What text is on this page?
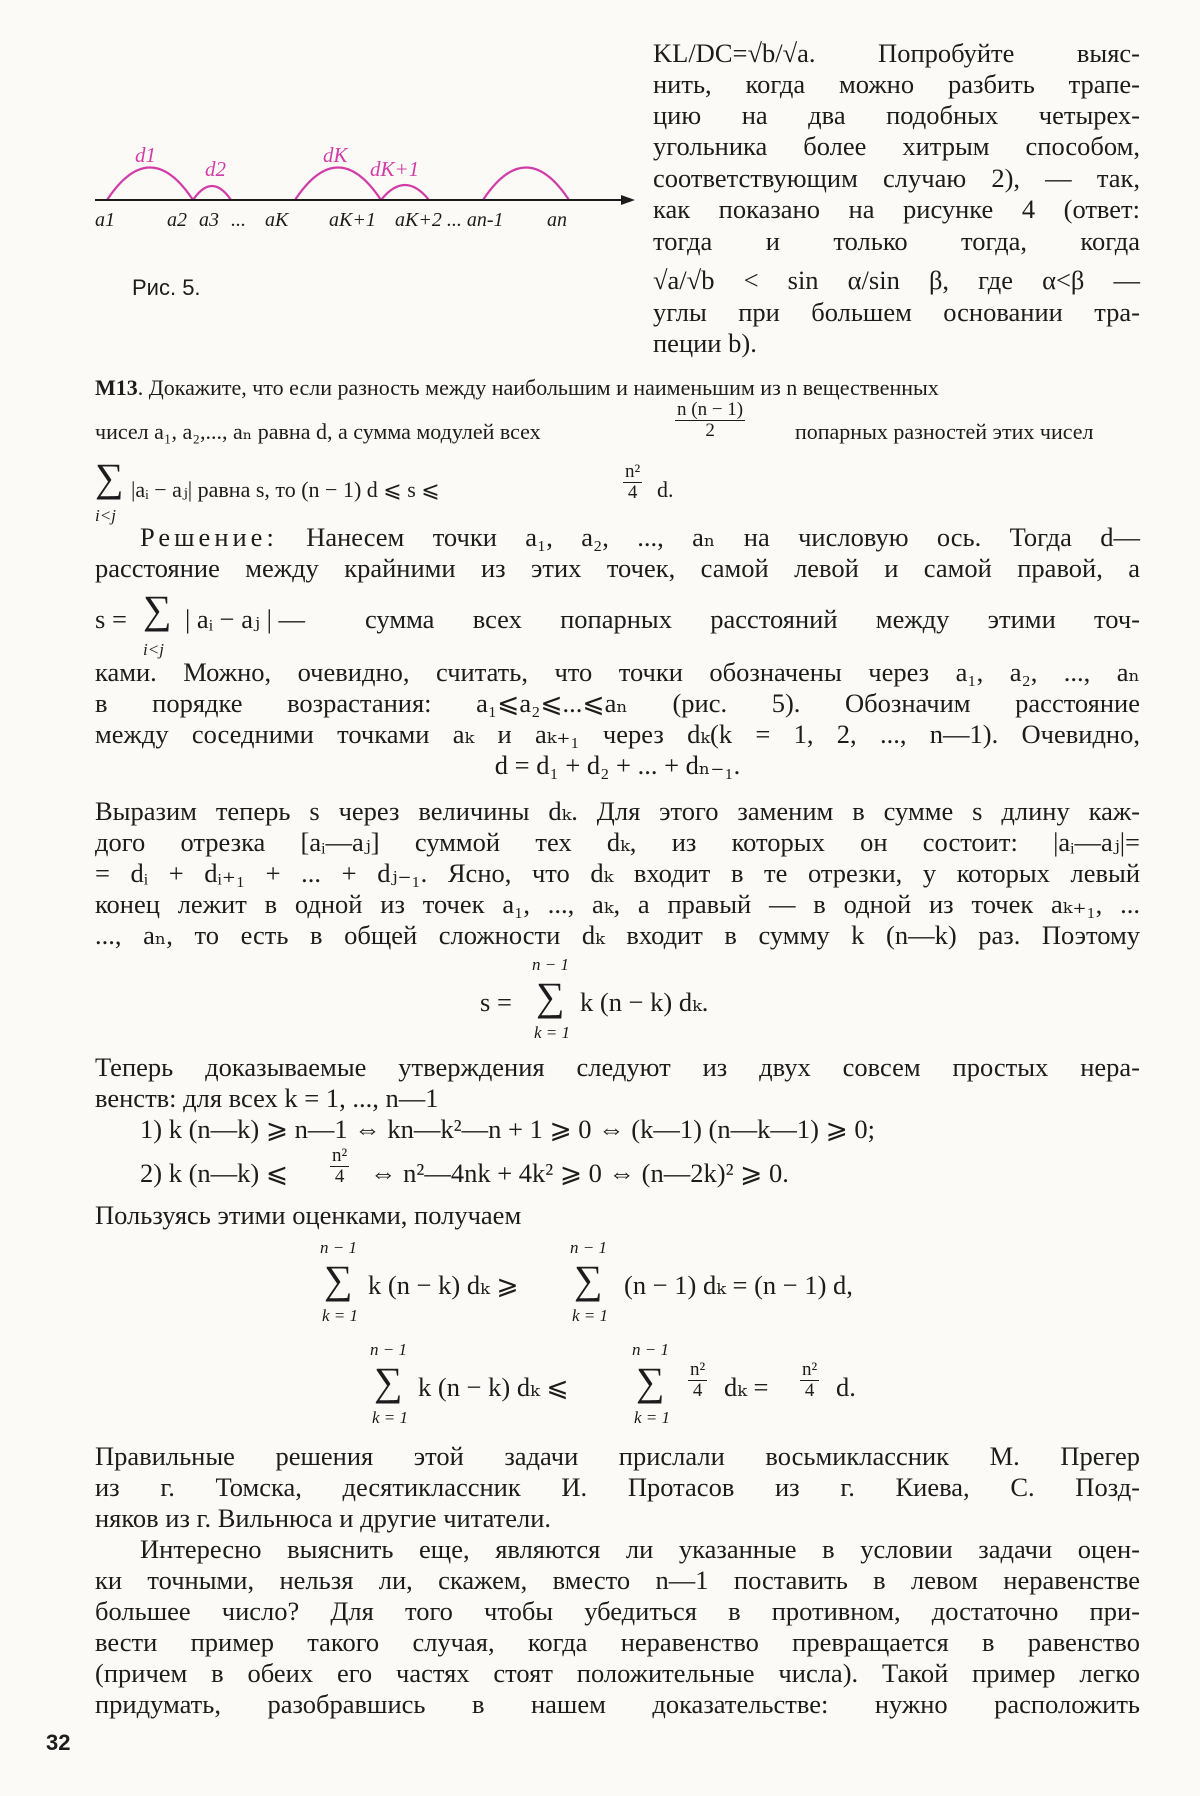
d1
d2
dK
dK+1
a1	a2 a3 ... aK aK+1 aK+2 ... an-1 an
Рис. 5.
KL/DC=√b/√a. Попробуйте выяс-
нить, когда можно разбить трапе-
цию на два подобных четырех-
угольника более хитрым способом,
соответствующим случаю 2), — так,
как показано на рисунке 4 (ответ:
тогда и только тогда, когда
√a/√b < sin α/sin β, где α<β —
углы при большем основании тра-
пеции b).
М13. Докажите, что если разность между наибольшим и наименьшим из n вещественных
чисел a₁, a₂,..., aₙ равна d, а сумма модулей всех	$\frac{n (n - 1)}{2}$ попарных разностей этих чисел
∑
i<j
|aᵢ − aⱼ| равна s, то (n − 1) d ⩽ s ⩽	$\frac{\text{n²}}{4} d$.
Решение: Нанесем точки a₁, a₂, ..., aₙ на числовую ось. Тогда d—
расстояние между крайними из этих точек, самой левой и самой правой, а
s = ∑
i<j
| aᵢ − aⱼ | — сумма всех попарных расстояний между этими точ-
ками. Можно, очевидно, считать, что точки обозначены через a₁, a₂, ..., aₙ
в порядке возрастания: a₁⩽a₂⩽...⩽aₙ (рис. 5). Обозначим расстояние
между соседними точками aₖ и aₖ₊₁ через dₖ(k = 1, 2, ..., n—1). Очевидно,
d = d₁ + d₂ + ... + dₙ₋₁.
Выразим теперь s через величины dₖ. Для этого заменим в сумме s длину каж-
дого отрезка [aᵢ—aⱼ] суммой тех dₖ, из которых он состоит: |aᵢ—aⱼ|=
= dᵢ + dᵢ₊₁ + ... + dⱼ₋₁. Ясно, что dₖ входит в те отрезки, у которых левый
конец лежит в одной из точек a₁, ..., aₖ, а правый — в одной из точек aₖ₊₁, ...
..., aₙ, то есть в общей сложности dₖ входит в сумму k (n—k) раз. Поэтому
n − 1
s = ∑
k = 1
k (n − k) dₖ.
Теперь доказываемые утверждения следуют из двух совсем простых нера-
венств: для всех k = 1, ..., n—1
1) k (n—k) ⩾ n—1 ⇔ kn—k²—n + 1 ⩾ 0 ⇔ (k—1) (n—k—1) ⩾ 0;
2) k (n—k) ⩽ $\frac{\text{n²}}{4}$ ⇔ n²—4nk + 4k² ⩾ 0 ⇔ (n—2k)² ⩾ 0.
Пользуясь этими оценками, получаем
n − 1
∑
k = 1
k (n − k) dₖ ⩾
n − 1
∑
k = 1
(n − 1) dₖ = (n − 1) d,
n − 1
∑
k = 1
k (n − k) dₖ ⩽
n − 1
∑
k = 1
$\frac{\text{n²}}{4}$ $d_k = \frac{\text{n²}}{4} d$.
Правильные решения этой задачи прислали восьмиклассник М. Прегер
из г. Томска, десятиклассник И. Протасов из г. Киева, С. Позд-
няков из г. Вильнюса и другие читатели.
Интересно выяснить еще, являются ли указанные в условии задачи оцен-
ки точными, нельзя ли, скажем, вместо n—1 поставить в левом неравенстве
большее число? Для того чтобы убедиться в противном, достаточно при-
вести пример такого случая, когда неравенство превращается в равенство
(причем в обеих его частях стоят положительные числа). Такой пример легко
придумать, разобравшись в нашем доказательстве: нужно расположить
32
